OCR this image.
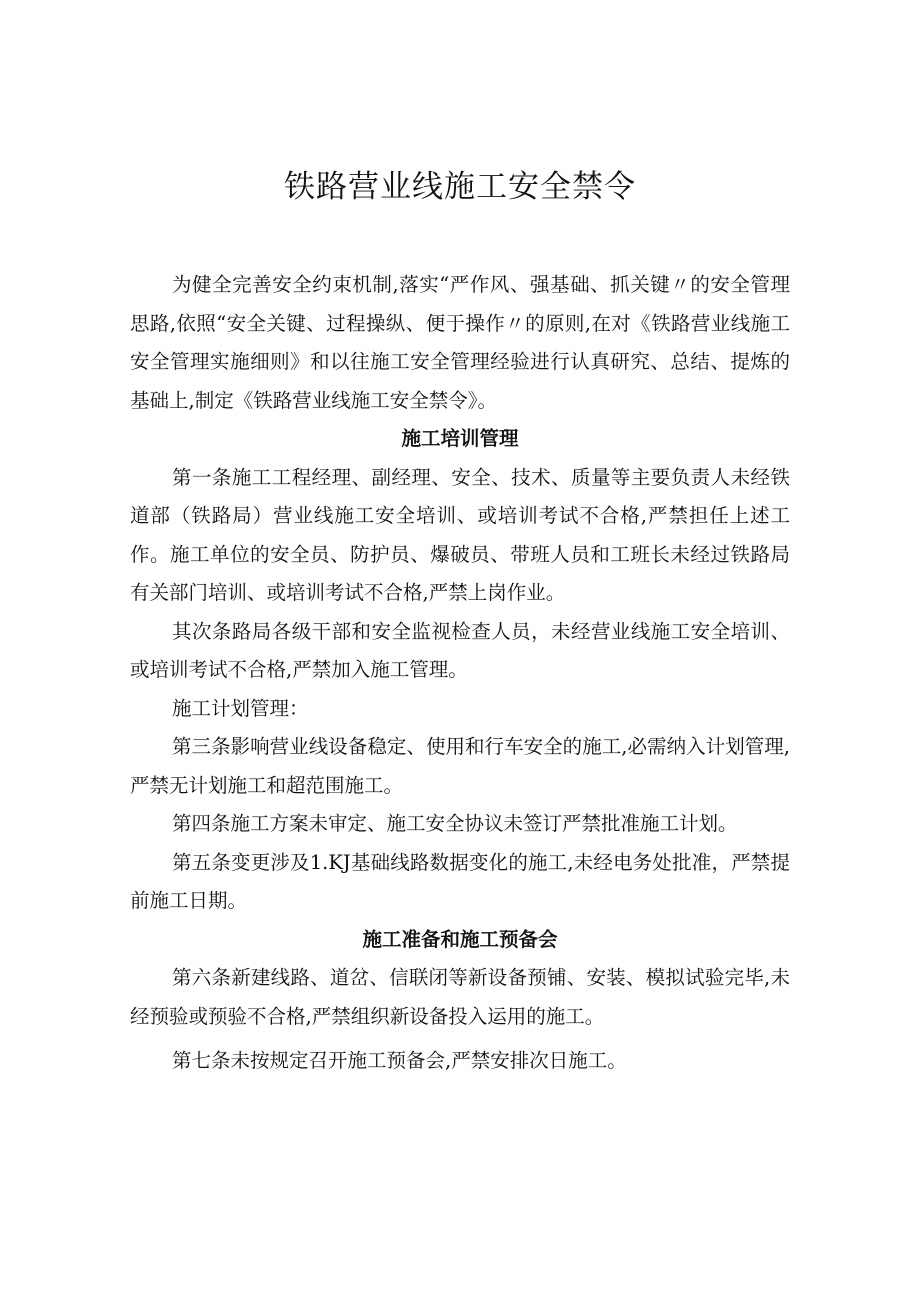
铁路营业线施工安全禁令

为健全完善安全约束机制,落实“严作风、强基础、抓关键〃的安全管理思路,依照“安全关键、过程操纵、便于操作〃的原则,在对《铁路营业线施工安全管理实施细则》和以往施工安全管理经验进行认真研究、总结、提炼的基础上,制定《铁路营业线施工安全禁令》。

施工培训管理

第一条施工工程经理、副经理、安全、技术、质量等主要负责人未经铁道部（铁路局）营业线施工安全培训、或培训考试不合格,严禁担任上述工作。施工单位的安全员、防护员、爆破员、带班人员和工班长未经过铁路局有关部门培训、或培训考试不合格,严禁上岗作业。

其次条路局各级干部和安全监视检查人员，未经营业线施工安全培训、或培训考试不合格,严禁加入施工管理。

施工计划管理：

第三条影响营业线设备稳定、使用和行车安全的施工,必需纳入计划管理,严禁无计划施工和超范围施工。

第四条施工方案未审定、施工安全协议未签订严禁批准施工计划。

第五条变更涉及1.KJ基础线路数据变化的施工,未经电务处批准，严禁提前施工日期。

施工准备和施工预备会

第六条新建线路、道岔、信联闭等新设备预铺、安装、模拟试验完毕,未经预验或预验不合格,严禁组织新设备投入运用的施工。

第七条未按规定召开施工预备会,严禁安排次日施工。
